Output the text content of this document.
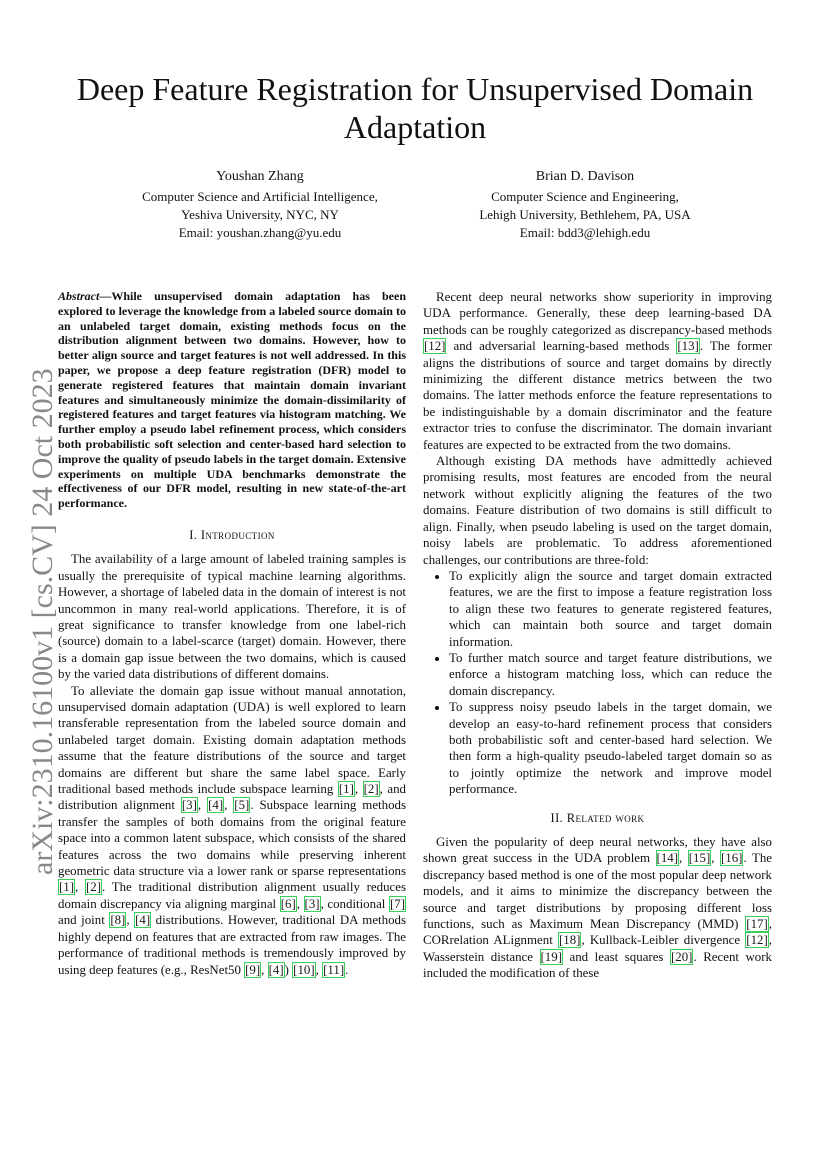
Deep Feature Registration for Unsupervised Domain Adaptation
Youshan Zhang
Computer Science and Artificial Intelligence,
Yeshiva University, NYC, NY
Email: youshan.zhang@yu.edu
Brian D. Davison
Computer Science and Engineering,
Lehigh University, Bethlehem, PA, USA
Email: bdd3@lehigh.edu
arXiv:2310.16100v1 [cs.CV] 24 Oct 2023
Abstract—While unsupervised domain adaptation has been explored to leverage the knowledge from a labeled source domain to an unlabeled target domain, existing methods focus on the distribution alignment between two domains. However, how to better align source and target features is not well addressed. In this paper, we propose a deep feature registration (DFR) model to generate registered features that maintain domain invariant features and simultaneously minimize the domain-dissimilarity of registered features and target features via histogram matching. We further employ a pseudo label refinement process, which considers both probabilistic soft selection and center-based hard selection to improve the quality of pseudo labels in the target domain. Extensive experiments on multiple UDA benchmarks demonstrate the effectiveness of our DFR model, resulting in new state-of-the-art performance.
I. Introduction

The availability of a large amount of labeled training samples is usually the prerequisite of typical machine learning algorithms. However, a shortage of labeled data in the domain of interest is not uncommon in many real-world applications. Therefore, it is of great significance to transfer knowledge from one label-rich (source) domain to a label-scarce (target) domain. However, there is a domain gap issue between the two domains, which is caused by the varied data distributions of different domains.

To alleviate the domain gap issue without manual annotation, unsupervised domain adaptation (UDA) is well explored to learn transferable representation from the labeled source domain and unlabeled target domain. Existing domain adaptation methods assume that the feature distributions of the source and target domains are different but share the same label space. Early traditional based methods include subspace learning [1], [2], and distribution alignment [3], [4], [5]. Subspace learning methods transfer the samples of both domains from the original feature space into a common latent subspace, which consists of the shared features across the two domains while preserving inherent geometric data structure via a lower rank or sparse representations [1], [2]. The traditional distribution alignment usually reduces domain discrepancy via aligning marginal [6], [3], conditional [7] and joint [8], [4] distributions. However, traditional DA methods highly depend on features that are extracted from raw images. The performance of traditional methods is tremendously improved by using deep features (e.g., ResNet50 [9], [4]) [10], [11].

Recent deep neural networks show superiority in improving UDA performance. Generally, these deep learning-based DA methods can be roughly categorized as discrepancy-based methods [12] and adversarial learning-based methods [13]. The former aligns the distributions of source and target domains by directly minimizing the different distance metrics between the two domains. The latter methods enforce the feature representations to be indistinguishable by a domain discriminator and the feature extractor tries to confuse the discriminator. The domain invariant features are expected to be extracted from the two domains.

Although existing DA methods have admittedly achieved promising results, most features are encoded from the neural network without explicitly aligning the features of the two domains. Feature distribution of two domains is still difficult to align. Finally, when pseudo labeling is used on the target domain, noisy labels are problematic. To address aforementioned challenges, our contributions are three-fold:

• To explicitly align the source and target domain extracted features, we are the first to impose a feature registration loss to align these two features to generate registered features, which can maintain both source and target domain information.
• To further match source and target feature distributions, we enforce a histogram matching loss, which can reduce the domain discrepancy.
• To suppress noisy pseudo labels in the target domain, we develop an easy-to-hard refinement process that considers both probabilistic soft and center-based hard selection. We then form a high-quality pseudo-labeled target domain so as to jointly optimize the network and improve model performance.
II. Related work

Given the popularity of deep neural networks, they have also shown great success in the UDA problem [14], [15], [16]. The discrepancy based method is one of the most popular deep network models, and it aims to minimize the discrepancy between the source and target distributions by proposing different loss functions, such as Maximum Mean Discrepancy (MMD) [17], CORrelation ALignment [18], Kullback-Leibler divergence [12], Wasserstein distance [19] and least squares [20]. Recent work included the modification of these
